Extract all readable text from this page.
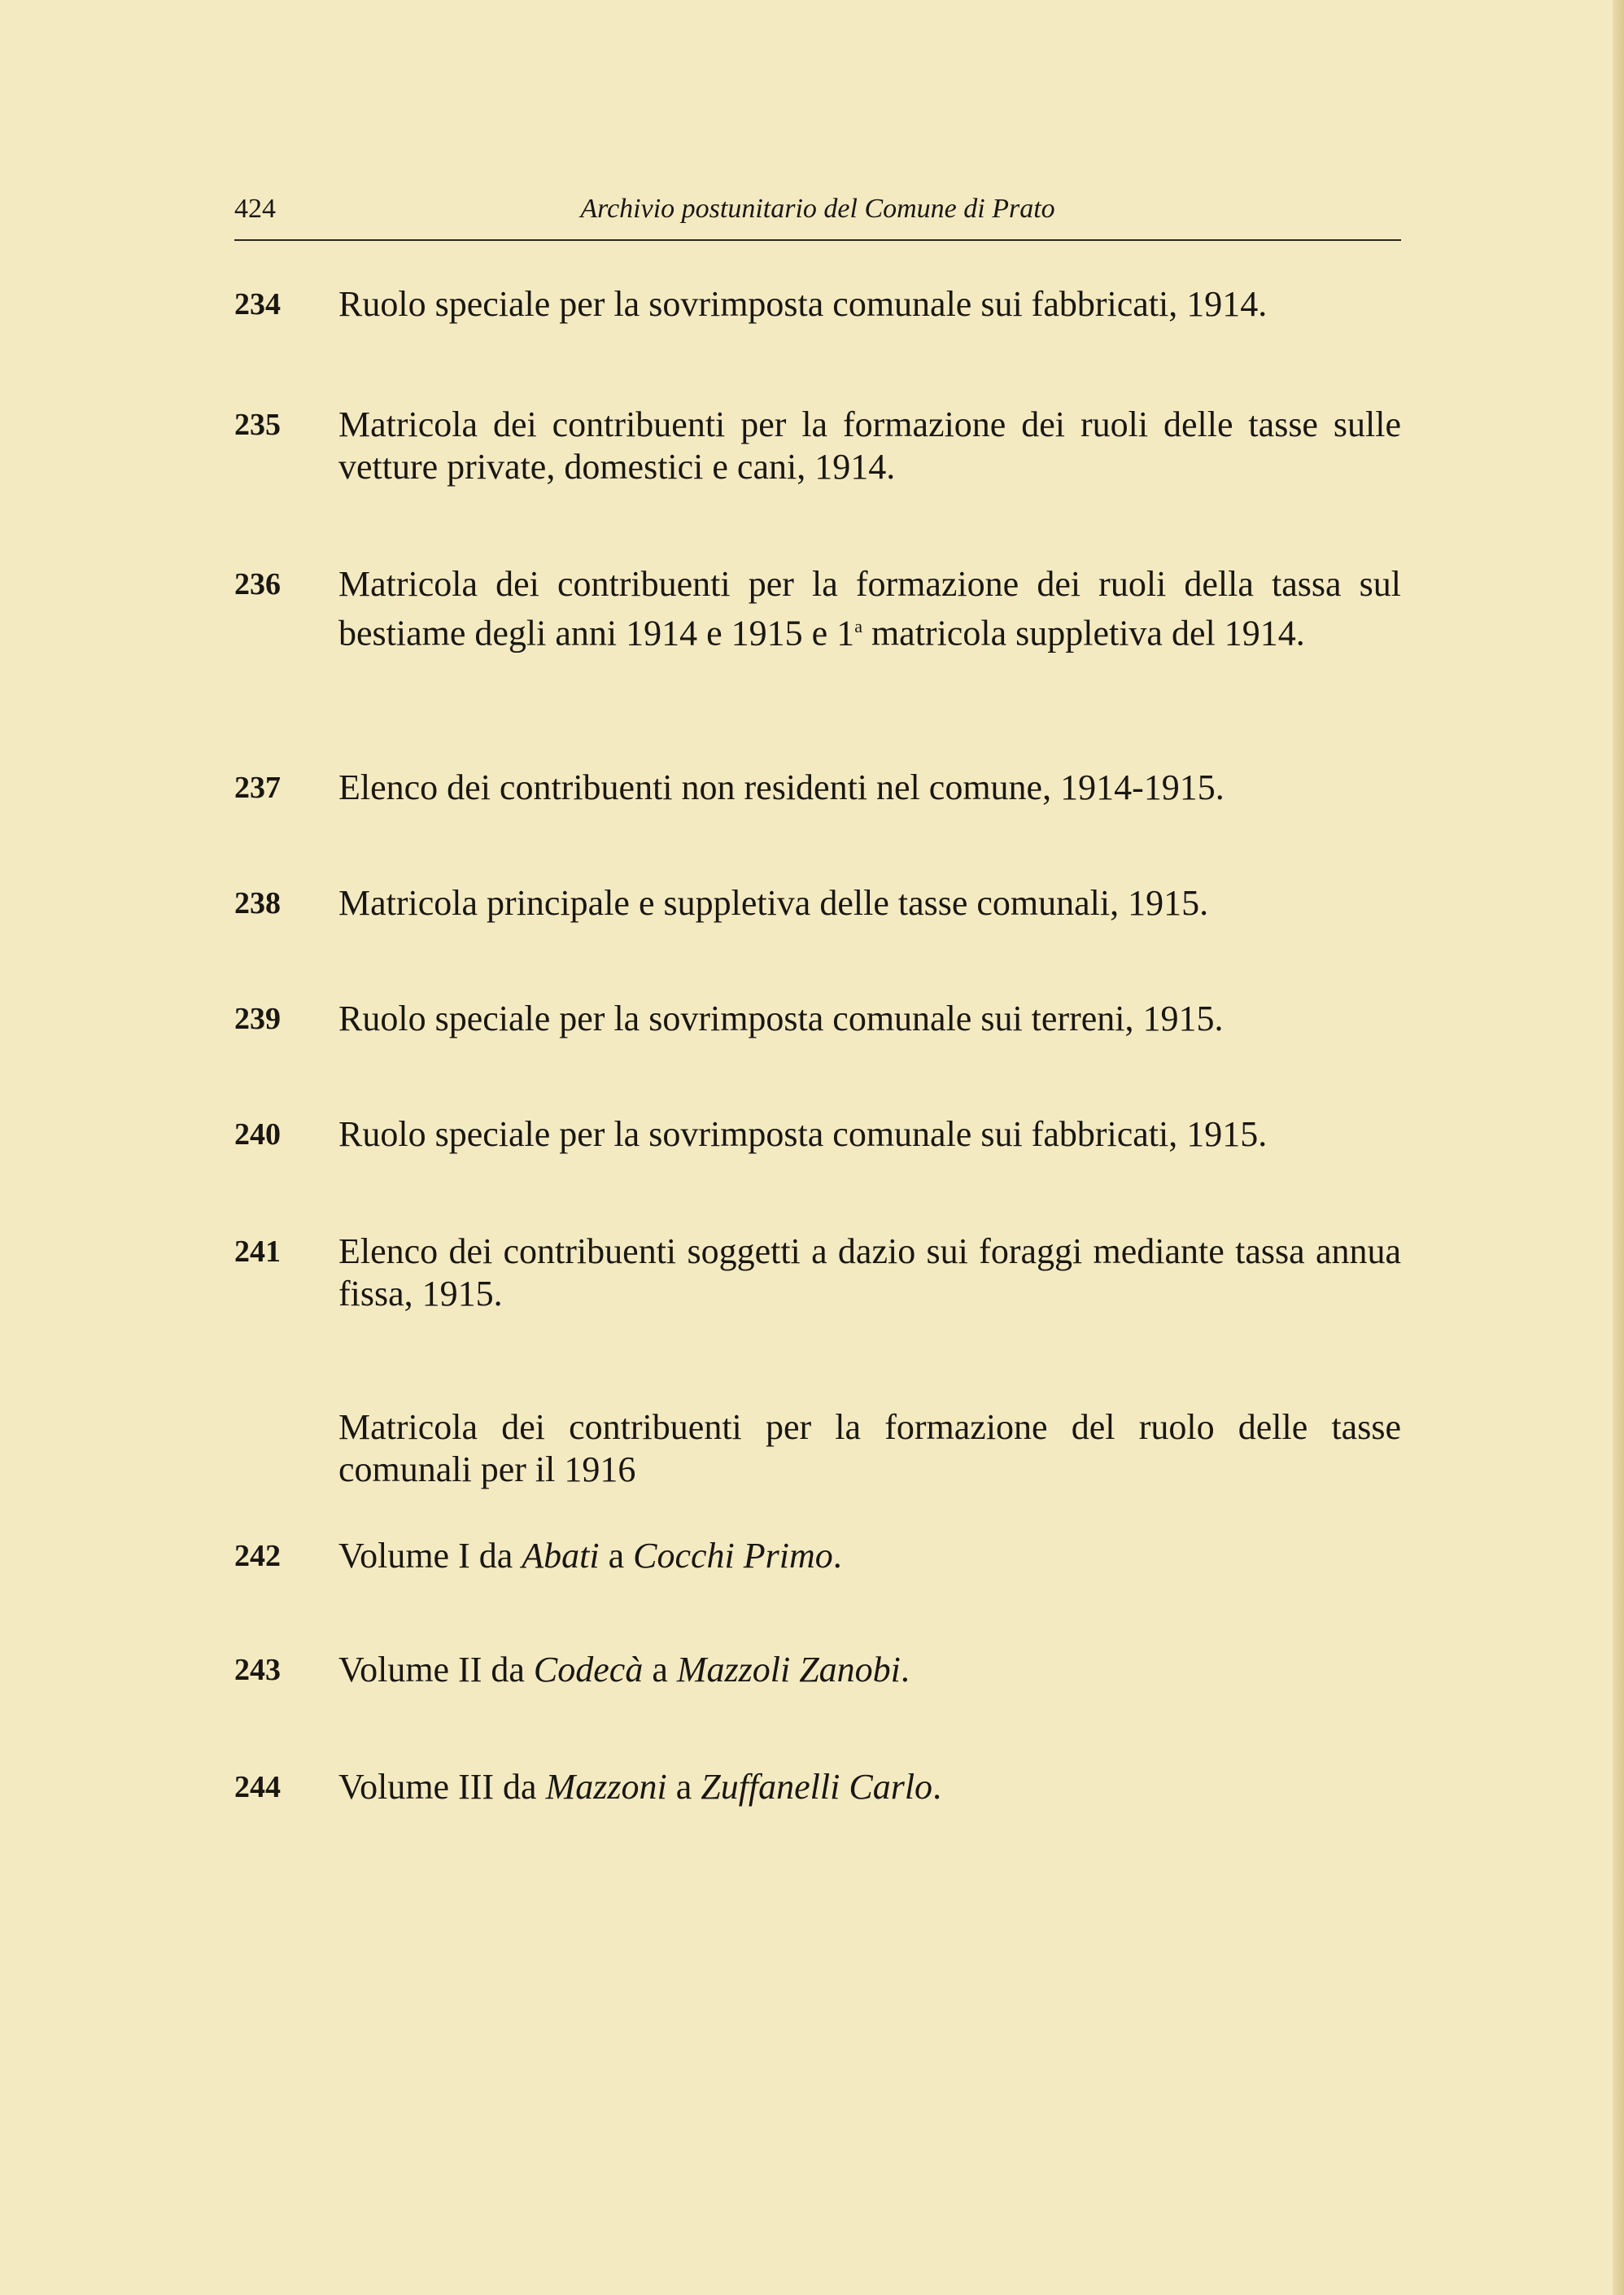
Archivio postunitario del Comune di Prato
424
234 Ruolo speciale per la sovrimposta comunale sui fabbricati, 1914.
235 Matricola dei contribuenti per la formazione dei ruoli delle tasse sulle vetture private, domestici e cani, 1914.
236 Matricola dei contribuenti per la formazione dei ruoli della tassa sul bestiame degli anni 1914 e 1915 e 1$^a$ matricola suppletiva del 1914.
237 Elenco dei contribuenti non residenti nel comune, 1914-1915.
238 Matricola principale e suppletiva delle tasse comunali, 1915.
239 Ruolo speciale per la sovrimposta comunale sui terreni, 1915.
240 Ruolo speciale per la sovrimposta comunale sui fabbricati, 1915.
241 Elenco dei contribuenti soggetti a dazio sui foraggi mediante tassa annua fissa, 1915.
Matricola dei contribuenti per la formazione del ruolo delle tasse comunali per il 1916
242 Volume I da Abati a Cocchi Primo.
243 Volume II da Codecà a Mazzoli Zanobi.
244 Volume III da Mazzoni a Zuffanelli Carlo.
